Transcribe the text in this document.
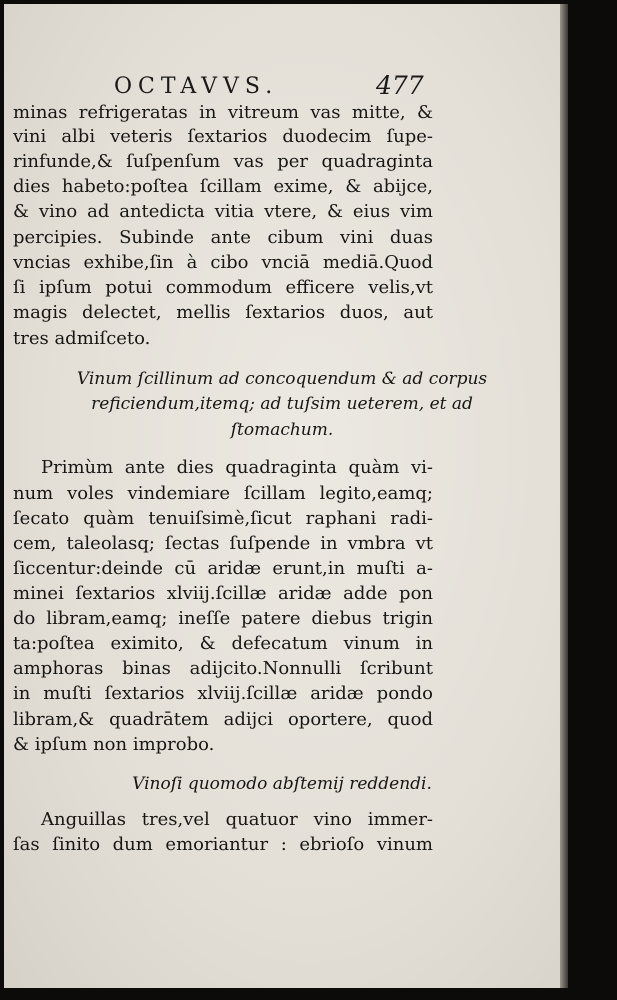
OCTAVVS.	477
minas refrigeratas in vitreum vas mitte, &
vini albi veteris ſextarios duodecim ſupe-
rinfunde,& ſuſpenſum vas per quadraginta
dies habeto:poſtea ſcillam exime, & abijce,
& vino ad antedicta vitia vtere, & eius vim
percipies. Subinde ante cibum vini duas
vncias exhibe,ſin à cibo vnciā mediā.Quod
ſi ipſum potui commodum efficere velis,vt
magis delectet, mellis ſextarios duos, aut
tres admiſceto.
Vinum ſcillinum ad concoquendum & ad corpus
reficiendum,itemq; ad tuſsim ueterem, et ad
ſtomachum.
Primùm ante dies quadraginta quàm vi-
num voles vindemiare ſcillam legito,eamq;
ſecato quàm tenuiſsimè,ſicut raphani radi-
cem, taleolasq; ſectas ſuſpende in vmbra vt
ſiccentur:deinde cū aridæ erunt,in muſti a-
minei ſextarios xlviij.ſcillæ aridæ adde pon
do libram,eamq; ineſſe patere diebus trigin
ta:poſtea eximito, & defecatum vinum in
amphoras binas adijcito.Nonnulli ſcribunt
in muſti ſextarios xlviij.ſcillæ aridæ pondo
libram,& quadrātem adijci oportere, quod
& ipſum non improbo.
Vinoſi quomodo abſtemij reddendi.
Anguillas tres,vel quatuor vino immer-
ſas ſinito dum emoriantur : ebrioſo vinum
